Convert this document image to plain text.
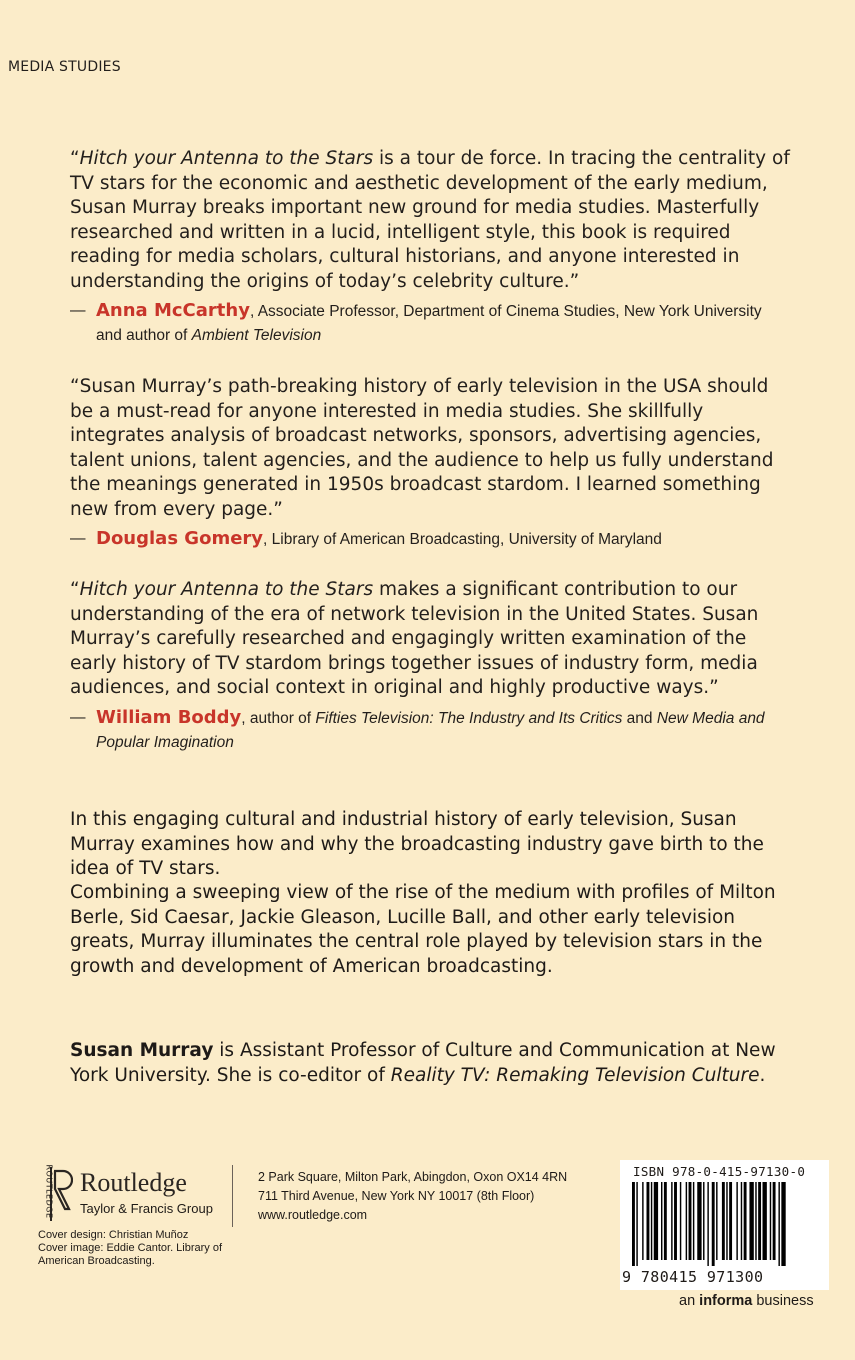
MEDIA STUDIES
“Hitch your Antenna to the Stars is a tour de force. In tracing the centrality of TV stars for the economic and aesthetic development of the early medium, Susan Murray breaks important new ground for media studies. Masterfully researched and written in a lucid, intelligent style, this book is required reading for media scholars, cultural historians, and anyone interested in understanding the origins of today’s celebrity culture.”
— Anna McCarthy, Associate Professor, Department of Cinema Studies, New York University and author of Ambient Television
“Susan Murray’s path-breaking history of early television in the USA should be a must-read for anyone interested in media studies. She skillfully integrates analysis of broadcast networks, sponsors, advertising agencies, talent unions, talent agencies, and the audience to help us fully understand the meanings generated in 1950s broadcast stardom. I learned something new from every page.”
— Douglas Gomery, Library of American Broadcasting, University of Maryland
“Hitch your Antenna to the Stars makes a significant contribution to our understanding of the era of network television in the United States. Susan Murray’s carefully researched and engagingly written examination of the early history of TV stardom brings together issues of industry form, media audiences, and social context in original and highly productive ways.”
— William Boddy, author of Fifties Television: The Industry and Its Critics and New Media and Popular Imagination
In this engaging cultural and industrial history of early television, Susan Murray examines how and why the broadcasting industry gave birth to the idea of TV stars.
Combining a sweeping view of the rise of the medium with profiles of Milton Berle, Sid Caesar, Jackie Gleason, Lucille Ball, and other early television greats, Murray illuminates the central role played by television stars in the growth and development of American broadcasting.
Susan Murray is Assistant Professor of Culture and Communication at New York University. She is co-editor of Reality TV: Remaking Television Culture.
ROUTLEDGE Routledge
Taylor & Francis Group
2 Park Square, Milton Park, Abingdon, Oxon OX14 4RN
711 Third Avenue, New York NY 10017 (8th Floor)
www.routledge.com
Cover design: Christian Muñoz
Cover image: Eddie Cantor. Library of American Broadcasting.
ISBN 978-0-415-97130-0
9 780415 971300
an informa business
